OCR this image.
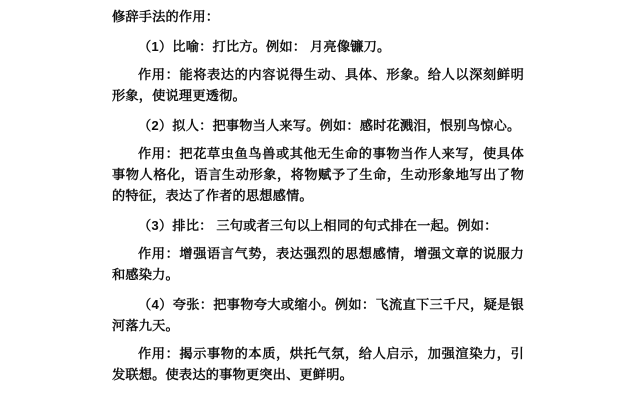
修辞手法的作用：

（1）比喻：打比方。例如： 月亮像镰刀。

作用：能将表达的内容说得生动、具体、形象。给人以深刻鲜明形象，使说理更透彻。

（2）拟人：把事物当人来写。例如：感时花溅泪，恨别鸟惊心。

作用：把花草虫鱼鸟兽或其他无生命的事物当作人来写，使具体事物人格化，语言生动形象，将物赋予了生命，生动形象地写出了物的特征，表达了作者的思想感情。

（3）排比： 三句或者三句以上相同的句式排在一起。例如：

作用：增强语言气势，表达强烈的思想感情，增强文章的说服力和感染力。

（4）夸张：把事物夸大或缩小。例如：飞流直下三千尺，疑是银河落九天。

作用：揭示事物的本质，烘托气氛，给人启示，加强渲染力，引发联想。使表达的事物更突出、更鲜明。
